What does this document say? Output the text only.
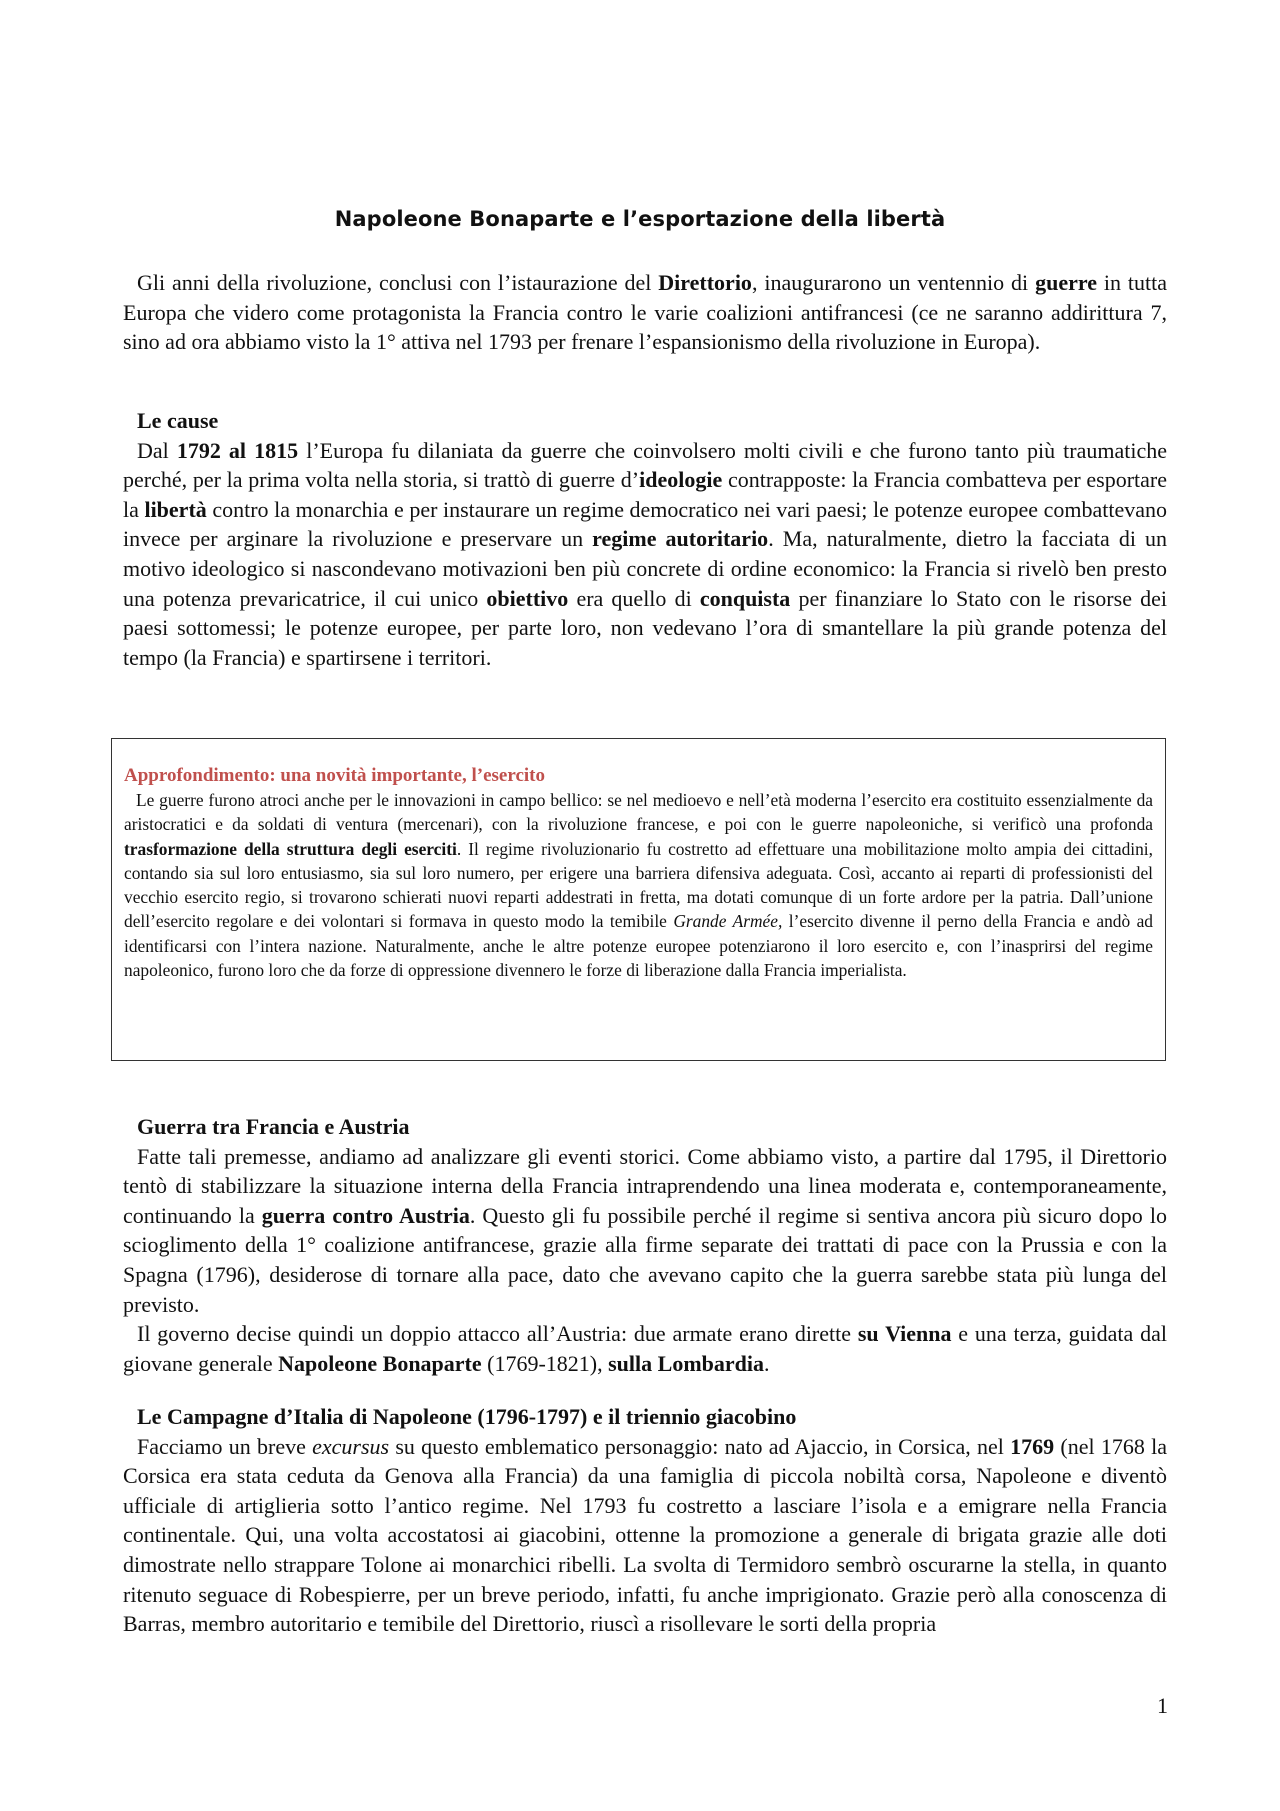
Napoleone Bonaparte e l’esportazione della libertà

Gli anni della rivoluzione, conclusi con l’istaurazione del Direttorio, inaugurarono un ventennio di guerre in tutta Europa che videro come protagonista la Francia contro le varie coalizioni antifrancesi (ce ne saranno addirittura 7, sino ad ora abbiamo visto la 1° attiva nel 1793 per frenare l’espansionismo della rivoluzione in Europa).

Le cause

Dal 1792 al 1815 l’Europa fu dilaniata da guerre che coinvolsero molti civili e che furono tanto più traumatiche perché, per la prima volta nella storia, si trattò di guerre d’ideologie contrapposte: la Francia combatteva per esportare la libertà contro la monarchia e per instaurare un regime democratico nei vari paesi; le potenze europee combattevano invece per arginare la rivoluzione e preservare un regime autoritario. Ma, naturalmente, dietro la facciata di un motivo ideologico si nascondevano motivazioni ben più concrete di ordine economico: la Francia si rivelò ben presto una potenza prevaricatrice, il cui unico obiettivo era quello di conquista per finanziare lo Stato con le risorse dei paesi sottomessi; le potenze europee, per parte loro, non vedevano l’ora di smantellare la più grande potenza del tempo (la Francia) e spartirsene i territori.

Approfondimento: una novità importante, l’esercito

Le guerre furono atroci anche per le innovazioni in campo bellico: se nel medioevo e nell’età moderna l’esercito era costituito essenzialmente da aristocratici e da soldati di ventura (mercenari), con la rivoluzione francese, e poi con le guerre napoleoniche, si verificò una profonda trasformazione della struttura degli eserciti. Il regime rivoluzionario fu costretto ad effettuare una mobilitazione molto ampia dei cittadini, contando sia sul loro entusiasmo, sia sul loro numero, per erigere una barriera difensiva adeguata. Così, accanto ai reparti di professionisti del vecchio esercito regio, si trovarono schierati nuovi reparti addestrati in fretta, ma dotati comunque di un forte ardore per la patria. Dall’unione dell’esercito regolare e dei volontari si formava in questo modo la temibile Grande Armée, l’esercito divenne il perno della Francia e andò ad identificarsi con l’intera nazione. Naturalmente, anche le altre potenze europee potenziarono il loro esercito e, con l’inasprirsi del regime napoleonico, furono loro che da forze di oppressione divennero le forze di liberazione dalla Francia imperialista.

Guerra tra Francia e Austria

Fatte tali premesse, andiamo ad analizzare gli eventi storici. Come abbiamo visto, a partire dal 1795, il Direttorio tentò di stabilizzare la situazione interna della Francia intraprendendo una linea moderata e, contemporaneamente, continuando la guerra contro Austria. Questo gli fu possibile perché il regime si sentiva ancora più sicuro dopo lo scioglimento della 1° coalizione antifrancese, grazie alla firme separate dei trattati di pace con la Prussia e con la Spagna (1796), desiderose di tornare alla pace, dato che avevano capito che la guerra sarebbe stata più lunga del previsto.

Il governo decise quindi un doppio attacco all’Austria: due armate erano dirette su Vienna e una terza, guidata dal giovane generale Napoleone Bonaparte (1769-1821), sulla Lombardia.

Le Campagne d’Italia di Napoleone (1796-1797) e il triennio giacobino

Facciamo un breve excursus su questo emblematico personaggio: nato ad Ajaccio, in Corsica, nel 1769 (nel 1768 la Corsica era stata ceduta da Genova alla Francia) da una famiglia di piccola nobiltà corsa, Napoleone e diventò ufficiale di artiglieria sotto l’antico regime. Nel 1793 fu costretto a lasciare l’isola e a emigrare nella Francia continentale. Qui, una volta accostatosi ai giacobini, ottenne la promozione a generale di brigata grazie alle doti dimostrate nello strappare Tolone ai monarchici ribelli. La svolta di Termidoro sembrò oscurarne la stella, in quanto ritenuto seguace di Robespierre, per un breve periodo, infatti, fu anche imprigionato. Grazie però alla conoscenza di Barras, membro autoritario e temibile del Direttorio, riuscì a risollevare le sorti della propria

1
